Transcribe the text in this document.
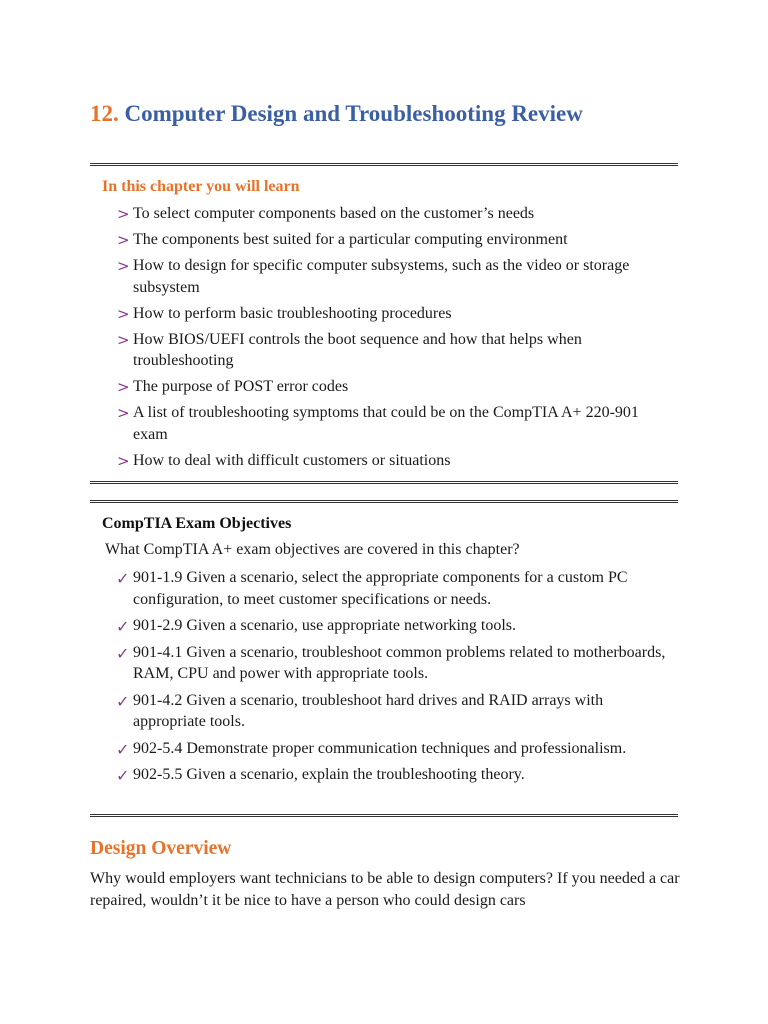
12. Computer Design and Troubleshooting Review
In this chapter you will learn
> To select computer components based on the customer’s needs
> The components best suited for a particular computing environment
> How to design for specific computer subsystems, such as the video or storage subsystem
> How to perform basic troubleshooting procedures
> How BIOS/UEFI controls the boot sequence and how that helps when troubleshooting
> The purpose of POST error codes
> A list of troubleshooting symptoms that could be on the CompTIA A+ 220-901 exam
> How to deal with difficult customers or situations
CompTIA Exam Objectives

What CompTIA A+ exam objectives are covered in this chapter?

✓ 901-1.9 Given a scenario, select the appropriate components for a custom PC configuration, to meet customer specifications or needs.
✓ 901-2.9 Given a scenario, use appropriate networking tools.
✓ 901-4.1 Given a scenario, troubleshoot common problems related to motherboards, RAM, CPU and power with appropriate tools.
✓ 901-4.2 Given a scenario, troubleshoot hard drives and RAID arrays with appropriate tools.
✓ 902-5.4 Demonstrate proper communication techniques and professionalism.
✓ 902-5.5 Given a scenario, explain the troubleshooting theory.
Design Overview

Why would employers want technicians to be able to design computers? If you needed a car repaired, wouldn’t it be nice to have a person who could design cars
